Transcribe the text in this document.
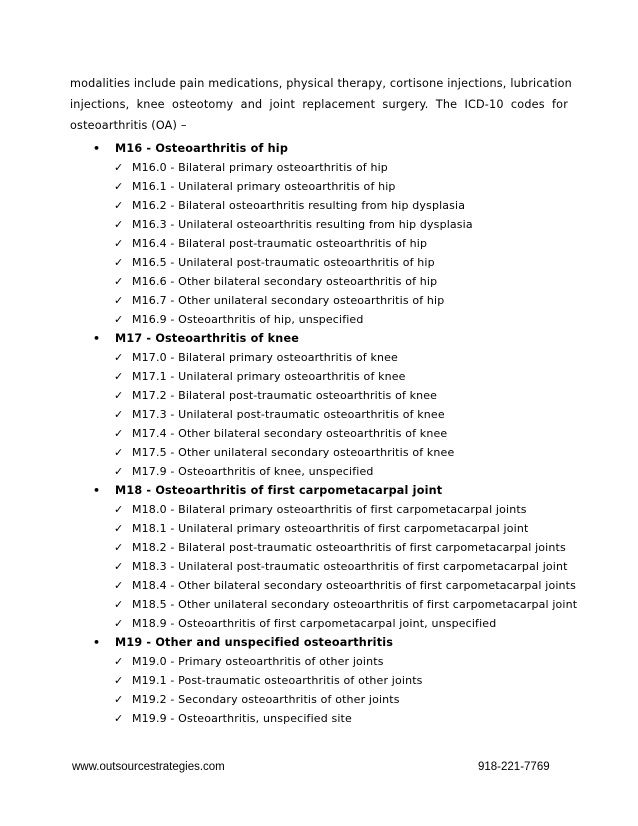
modalities include pain medications, physical therapy, cortisone injections, lubrication
injections, knee osteotomy and joint replacement surgery. The ICD-10 codes for
osteoarthritis (OA) –
• M16 - Osteoarthritis of hip
✓ M16.0 - Bilateral primary osteoarthritis of hip
✓ M16.1 - Unilateral primary osteoarthritis of hip
✓ M16.2 - Bilateral osteoarthritis resulting from hip dysplasia
✓ M16.3 - Unilateral osteoarthritis resulting from hip dysplasia
✓ M16.4 - Bilateral post-traumatic osteoarthritis of hip
✓ M16.5 - Unilateral post-traumatic osteoarthritis of hip
✓ M16.6 - Other bilateral secondary osteoarthritis of hip
✓ M16.7 - Other unilateral secondary osteoarthritis of hip
✓ M16.9 - Osteoarthritis of hip, unspecified
• M17 - Osteoarthritis of knee
✓ M17.0 - Bilateral primary osteoarthritis of knee
✓ M17.1 - Unilateral primary osteoarthritis of knee
✓ M17.2 - Bilateral post-traumatic osteoarthritis of knee
✓ M17.3 - Unilateral post-traumatic osteoarthritis of knee
✓ M17.4 - Other bilateral secondary osteoarthritis of knee
✓ M17.5 - Other unilateral secondary osteoarthritis of knee
✓ M17.9 - Osteoarthritis of knee, unspecified
• M18 - Osteoarthritis of first carpometacarpal joint
✓ M18.0 - Bilateral primary osteoarthritis of first carpometacarpal joints
✓ M18.1 - Unilateral primary osteoarthritis of first carpometacarpal joint
✓ M18.2 - Bilateral post-traumatic osteoarthritis of first carpometacarpal joints
✓ M18.3 - Unilateral post-traumatic osteoarthritis of first carpometacarpal joint
✓ M18.4 - Other bilateral secondary osteoarthritis of first carpometacarpal joints
✓ M18.5 - Other unilateral secondary osteoarthritis of first carpometacarpal joint
✓ M18.9 - Osteoarthritis of first carpometacarpal joint, unspecified
• M19 - Other and unspecified osteoarthritis
✓ M19.0 - Primary osteoarthritis of other joints
✓ M19.1 - Post-traumatic osteoarthritis of other joints
✓ M19.2 - Secondary osteoarthritis of other joints
✓ M19.9 - Osteoarthritis, unspecified site
www.outsourcestrategies.com	918-221-7769
